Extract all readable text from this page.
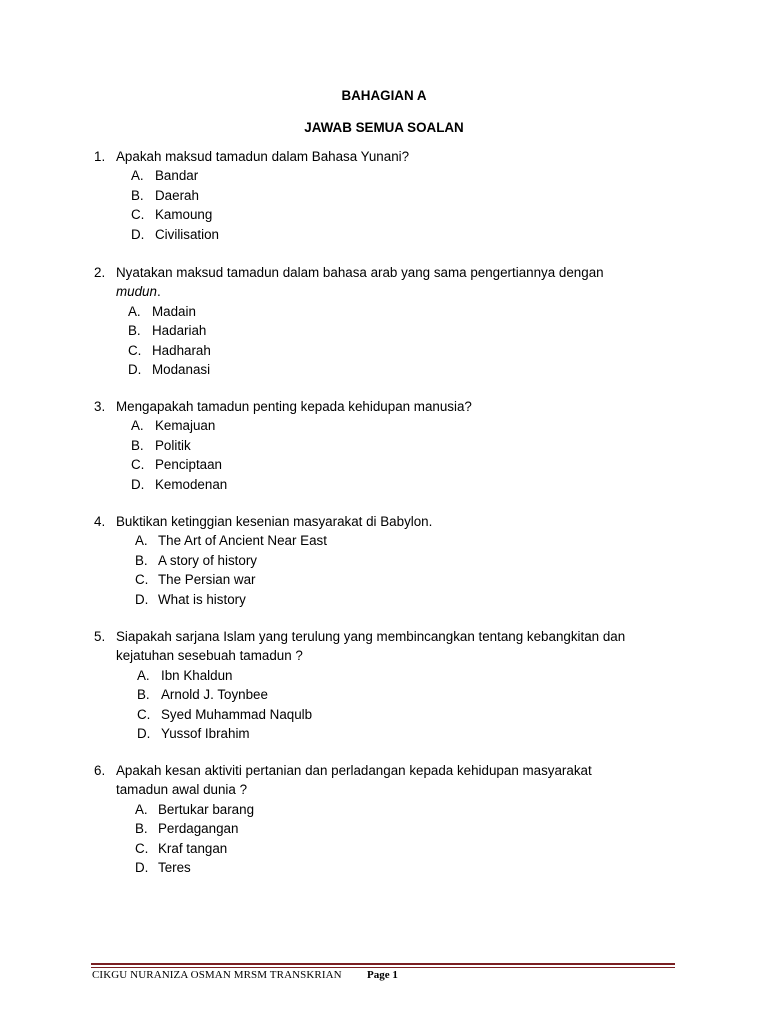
BAHAGIAN A
JAWAB SEMUA SOALAN
1. Apakah maksud tamadun dalam Bahasa Yunani?
A. Bandar
B. Daerah
C. Kamoung
D. Civilisation
2. Nyatakan maksud tamadun dalam bahasa arab yang sama pengertiannya dengan
mudun.
A. Madain
B. Hadariah
C. Hadharah
D. Modanasi
3. Mengapakah tamadun penting kepada kehidupan manusia?
A. Kemajuan
B. Politik
C. Penciptaan
D. Kemodenan
4. Buktikan ketinggian kesenian masyarakat di Babylon.
A. The Art of Ancient Near East
B. A story of history
C. The Persian war
D. What is history
5. Siapakah sarjana Islam yang terulung yang membincangkan tentang kebangkitan dan
kejatuhan sesebuah tamadun ?
A. Ibn Khaldun
B. Arnold J. Toynbee
C. Syed Muhammad Naqulb
D. Yussof Ibrahim
6. Apakah kesan aktiviti pertanian dan perladangan kepada kehidupan masyarakat
tamadun awal dunia ?
A. Bertukar barang
B. Perdagangan
C. Kraf tangan
D. Teres
CIKGU NURANIZA OSMAN MRSM TRANSKRIAN Page 1
